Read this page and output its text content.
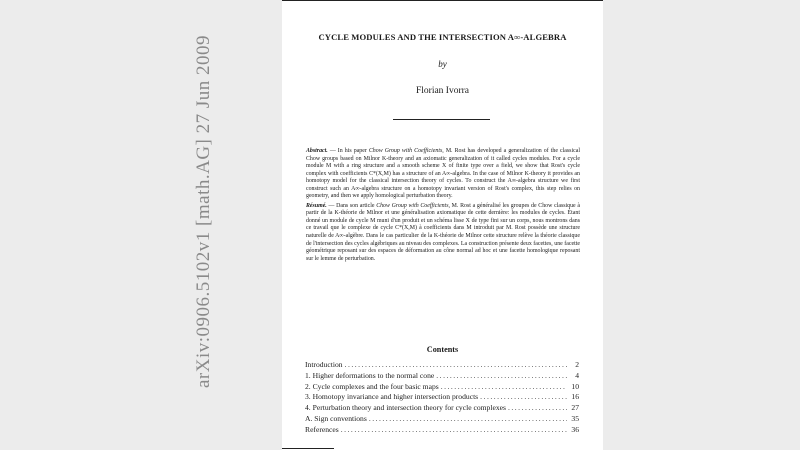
arXiv:0906.5102v1 [math.AG] 27 Jun 2009	CYCLE MODULES AND THE INTERSECTION A∞-ALGEBRA
by
Florian Ivorra

Abstract. — In his paper Chow Group with Coefficients, M. Rost has developed a generalization of the classical Chow groups based on Milnor K-theory and an axiomatic generalization of it called cycles modules. For a cycle module M with a ring structure and a smooth scheme X of finite type over a field, we show that Rost's cycle complex with coefficients C*(X,M) has a structure of an A∞-algebra. In the case of Milnor K-theory it provides an homotopy model for the classical intersection theory of cycles. To construct the A∞-algebra structure we first construct such an A∞-algebra structure on a homotopy invariant version of Rost's complex, this step relies on geometry, and then we apply homological perturbation theory.

Résumé. — Dans son article Chow Group with Coefficients, M. Rost a généralisé les groupes de Chow classique à partir de la K-théorie de Milnor et une généralisation axiomatique de cette dernière: les modules de cycles. Étant donné un module de cycle M muni d'un produit et un schéma lisse X de type fini sur un corps, nous montrons dans ce travail que le complexe de cycle C*(X,M) à coefficients dans M introduit par M. Rost possède une structure naturelle de A∞-algèbre. Dans le cas particulier de la K-théorie de Milnor cette structure relève la théorie classique de l'intersection des cycles algébriques au niveau des complexes. La construction présente deux facettes, une facette géométrique reposant sur des espaces de déformation au cône normal ad hoc et une facette homologique reposant sur le lemme de perturbation.

Contents
Introduction .....	2
1. Higher deformations to the normal cone .....	4
2. Cycle complexes and the four basic maps .....	10
3. Homotopy invariance and higher intersection products .....	16
4. Perturbation theory and intersection theory for cycle complexes .....	27
A. Sign conventions .....	35
References .....	36
